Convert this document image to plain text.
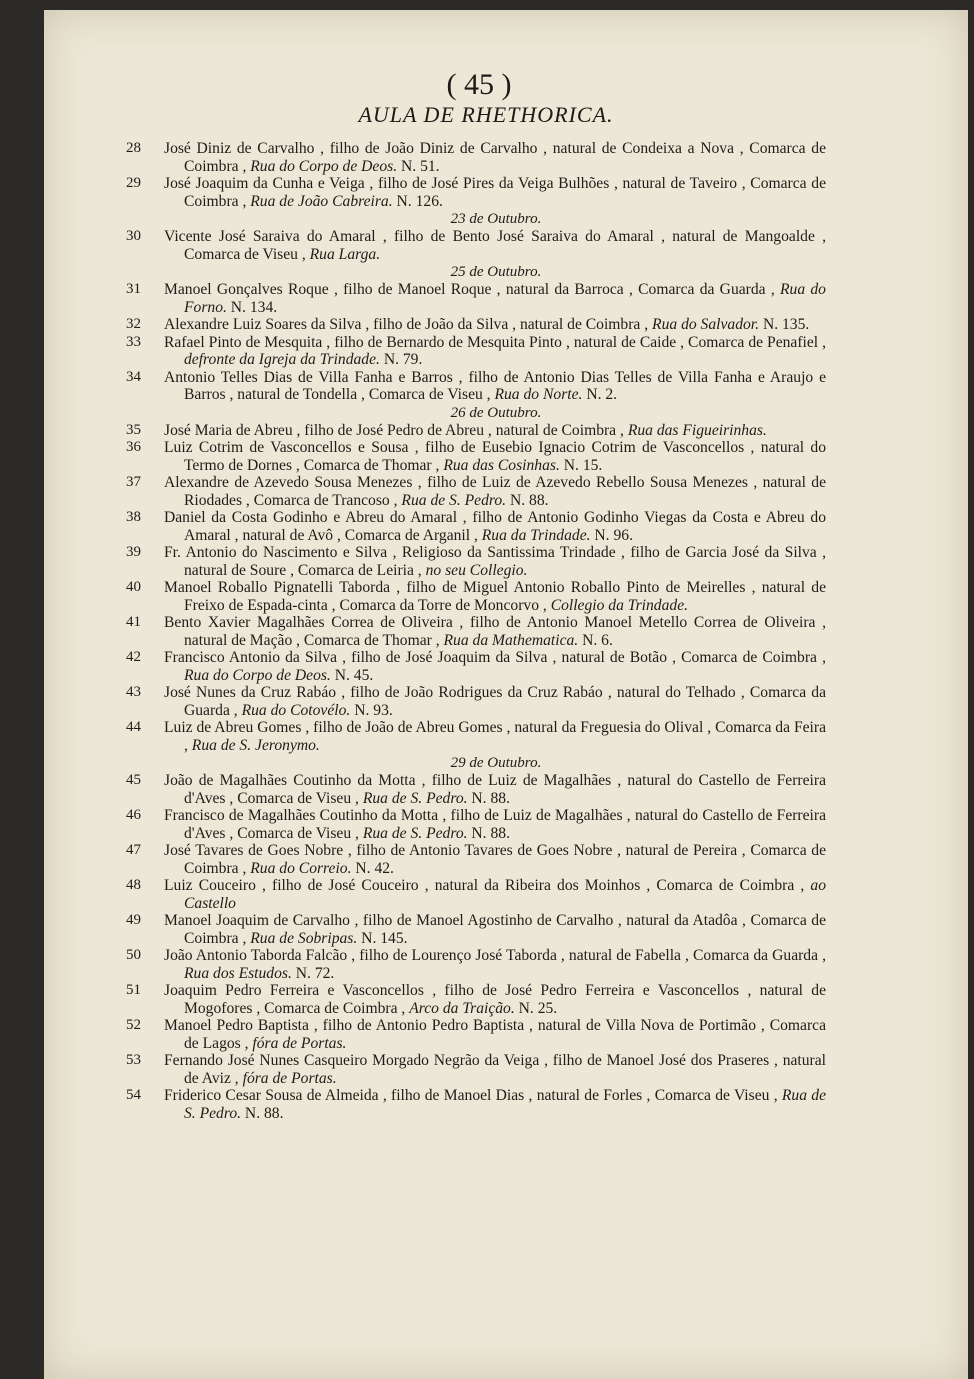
( 45 )
AULA DE RHETHORICA.
28	José Diniz de Carvalho , filho de João Diniz de Carvalho , natural de Condeixa a Nova , Comarca de Coimbra , Rua do Corpo de Deos. N. 51.
29	José Joaquim da Cunha e Veiga , filho de José Pires da Veiga Bulhões , natural de Taveiro , Comarca de Coimbra , Rua de João Cabreira. N. 126.
23 de Outubro.
30	Vicente José Saraiva do Amaral , filho de Bento José Saraiva do Amaral , natural de Mangoalde , Comarca de Viseu , Rua Larga.
25 de Outubro.
31	Manoel Gonçalves Roque , filho de Manoel Roque , natural da Barroca , Comarca da Guarda , Rua do Forno. N. 134.
32	Alexandre Luiz Soares da Silva , filho de João da Silva , natural de Coimbra , Rua do Salvador. N. 135.
33	Rafael Pinto de Mesquita , filho de Bernardo de Mesquita Pinto , natural de Caide , Comarca de Penafiel , defronte da Igreja da Trindade. N. 79.
34	Antonio Telles Dias de Villa Fanha e Barros , filho de Antonio Dias Telles de Villa Fanha e Araujo e Barros , natural de Tondella , Comarca de Viseu , Rua do Norte. N. 2.
26 de Outubro.
35	José Maria de Abreu , filho de José Pedro de Abreu , natural de Coimbra , Rua das Figueirinhas.
36	Luiz Cotrim de Vasconcellos e Sousa , filho de Eusebio Ignacio Cotrim de Vasconcellos , natural do Termo de Dornes , Comarca de Thomar , Rua das Cosinhas. N. 15.
37	Alexandre de Azevedo Sousa Menezes , filho de Luiz de Azevedo Rebello Sousa Menezes , natural de Riodades , Comarca de Trancoso , Rua de S. Pedro. N. 88.
38	Daniel da Costa Godinho e Abreu do Amaral , filho de Antonio Godinho Viegas da Costa e Abreu do Amaral , natural de Avô , Comarca de Arganil , Rua da Trindade. N. 96.
39	Fr. Antonio do Nascimento e Silva , Religioso da Santissima Trindade , filho de Garcia José da Silva , natural de Soure , Comarca de Leiria , no seu Collegio.
40	Manoel Roballo Pignatelli Taborda , filho de Miguel Antonio Roballo Pinto de Meirelles , natural de Freixo de Espada-cinta , Comarca da Torre de Moncorvo , Collegio da Trindade.
41	Bento Xavier Magalhães Correa de Oliveira , filho de Antonio Manoel Metello Correa de Oliveira , natural de Mação , Comarca de Thomar , Rua da Mathematica. N. 6.
42	Francisco Antonio da Silva , filho de José Joaquim da Silva , natural de Botão , Comarca de Coimbra , Rua do Corpo de Deos. N. 45.
43	José Nunes da Cruz Rabáo , filho de João Rodrigues da Cruz Rabáo , natural do Telhado , Comarca da Guarda , Rua do Cotovélo. N. 93.
44	Luiz de Abreu Gomes , filho de João de Abreu Gomes , natural da Freguesia do Olival , Comarca da Feira , Rua de S. Jeronymo.
29 de Outubro.
45	João de Magalhães Coutinho da Motta , filho de Luiz de Magalhães , natural do Castello de Ferreira d'Aves , Comarca de Viseu , Rua de S. Pedro. N. 88.
46	Francisco de Magalhães Coutinho da Motta , filho de Luiz de Magalhães , natural do Castello de Ferreira d'Aves , Comarca de Viseu , Rua de S. Pedro. N. 88.
47	José Tavares de Goes Nobre , filho de Antonio Tavares de Goes Nobre , natural de Pereira , Comarca de Coimbra , Rua do Correio. N. 42.
48	Luiz Couceiro , filho de José Couceiro , natural da Ribeira dos Moinhos , Comarca de Coimbra , ao Castello
49	Manoel Joaquim de Carvalho , filho de Manoel Agostinho de Carvalho , natural da Atadôa , Comarca de Coimbra , Rua de Sobripas. N. 145.
50	João Antonio Taborda Falcão , filho de Lourenço José Taborda , natural de Fabella , Comarca da Guarda , Rua dos Estudos. N. 72.
51	Joaquim Pedro Ferreira e Vasconcellos , filho de José Pedro Ferreira e Vasconcellos , natural de Mogofores , Comarca de Coimbra , Arco da Traição. N. 25.
52	Manoel Pedro Baptista , filho de Antonio Pedro Baptista , natural de Villa Nova de Portimão , Comarca de Lagos , fóra de Portas.
53	Fernando José Nunes Casqueiro Morgado Negrão da Veiga , filho de Manoel José dos Praseres , natural de Aviz , fóra de Portas.
54	Friderico Cesar Sousa de Almeida , filho de Manoel Dias , natural de Forles , Comarca de Viseu , Rua de S. Pedro. N. 88.
